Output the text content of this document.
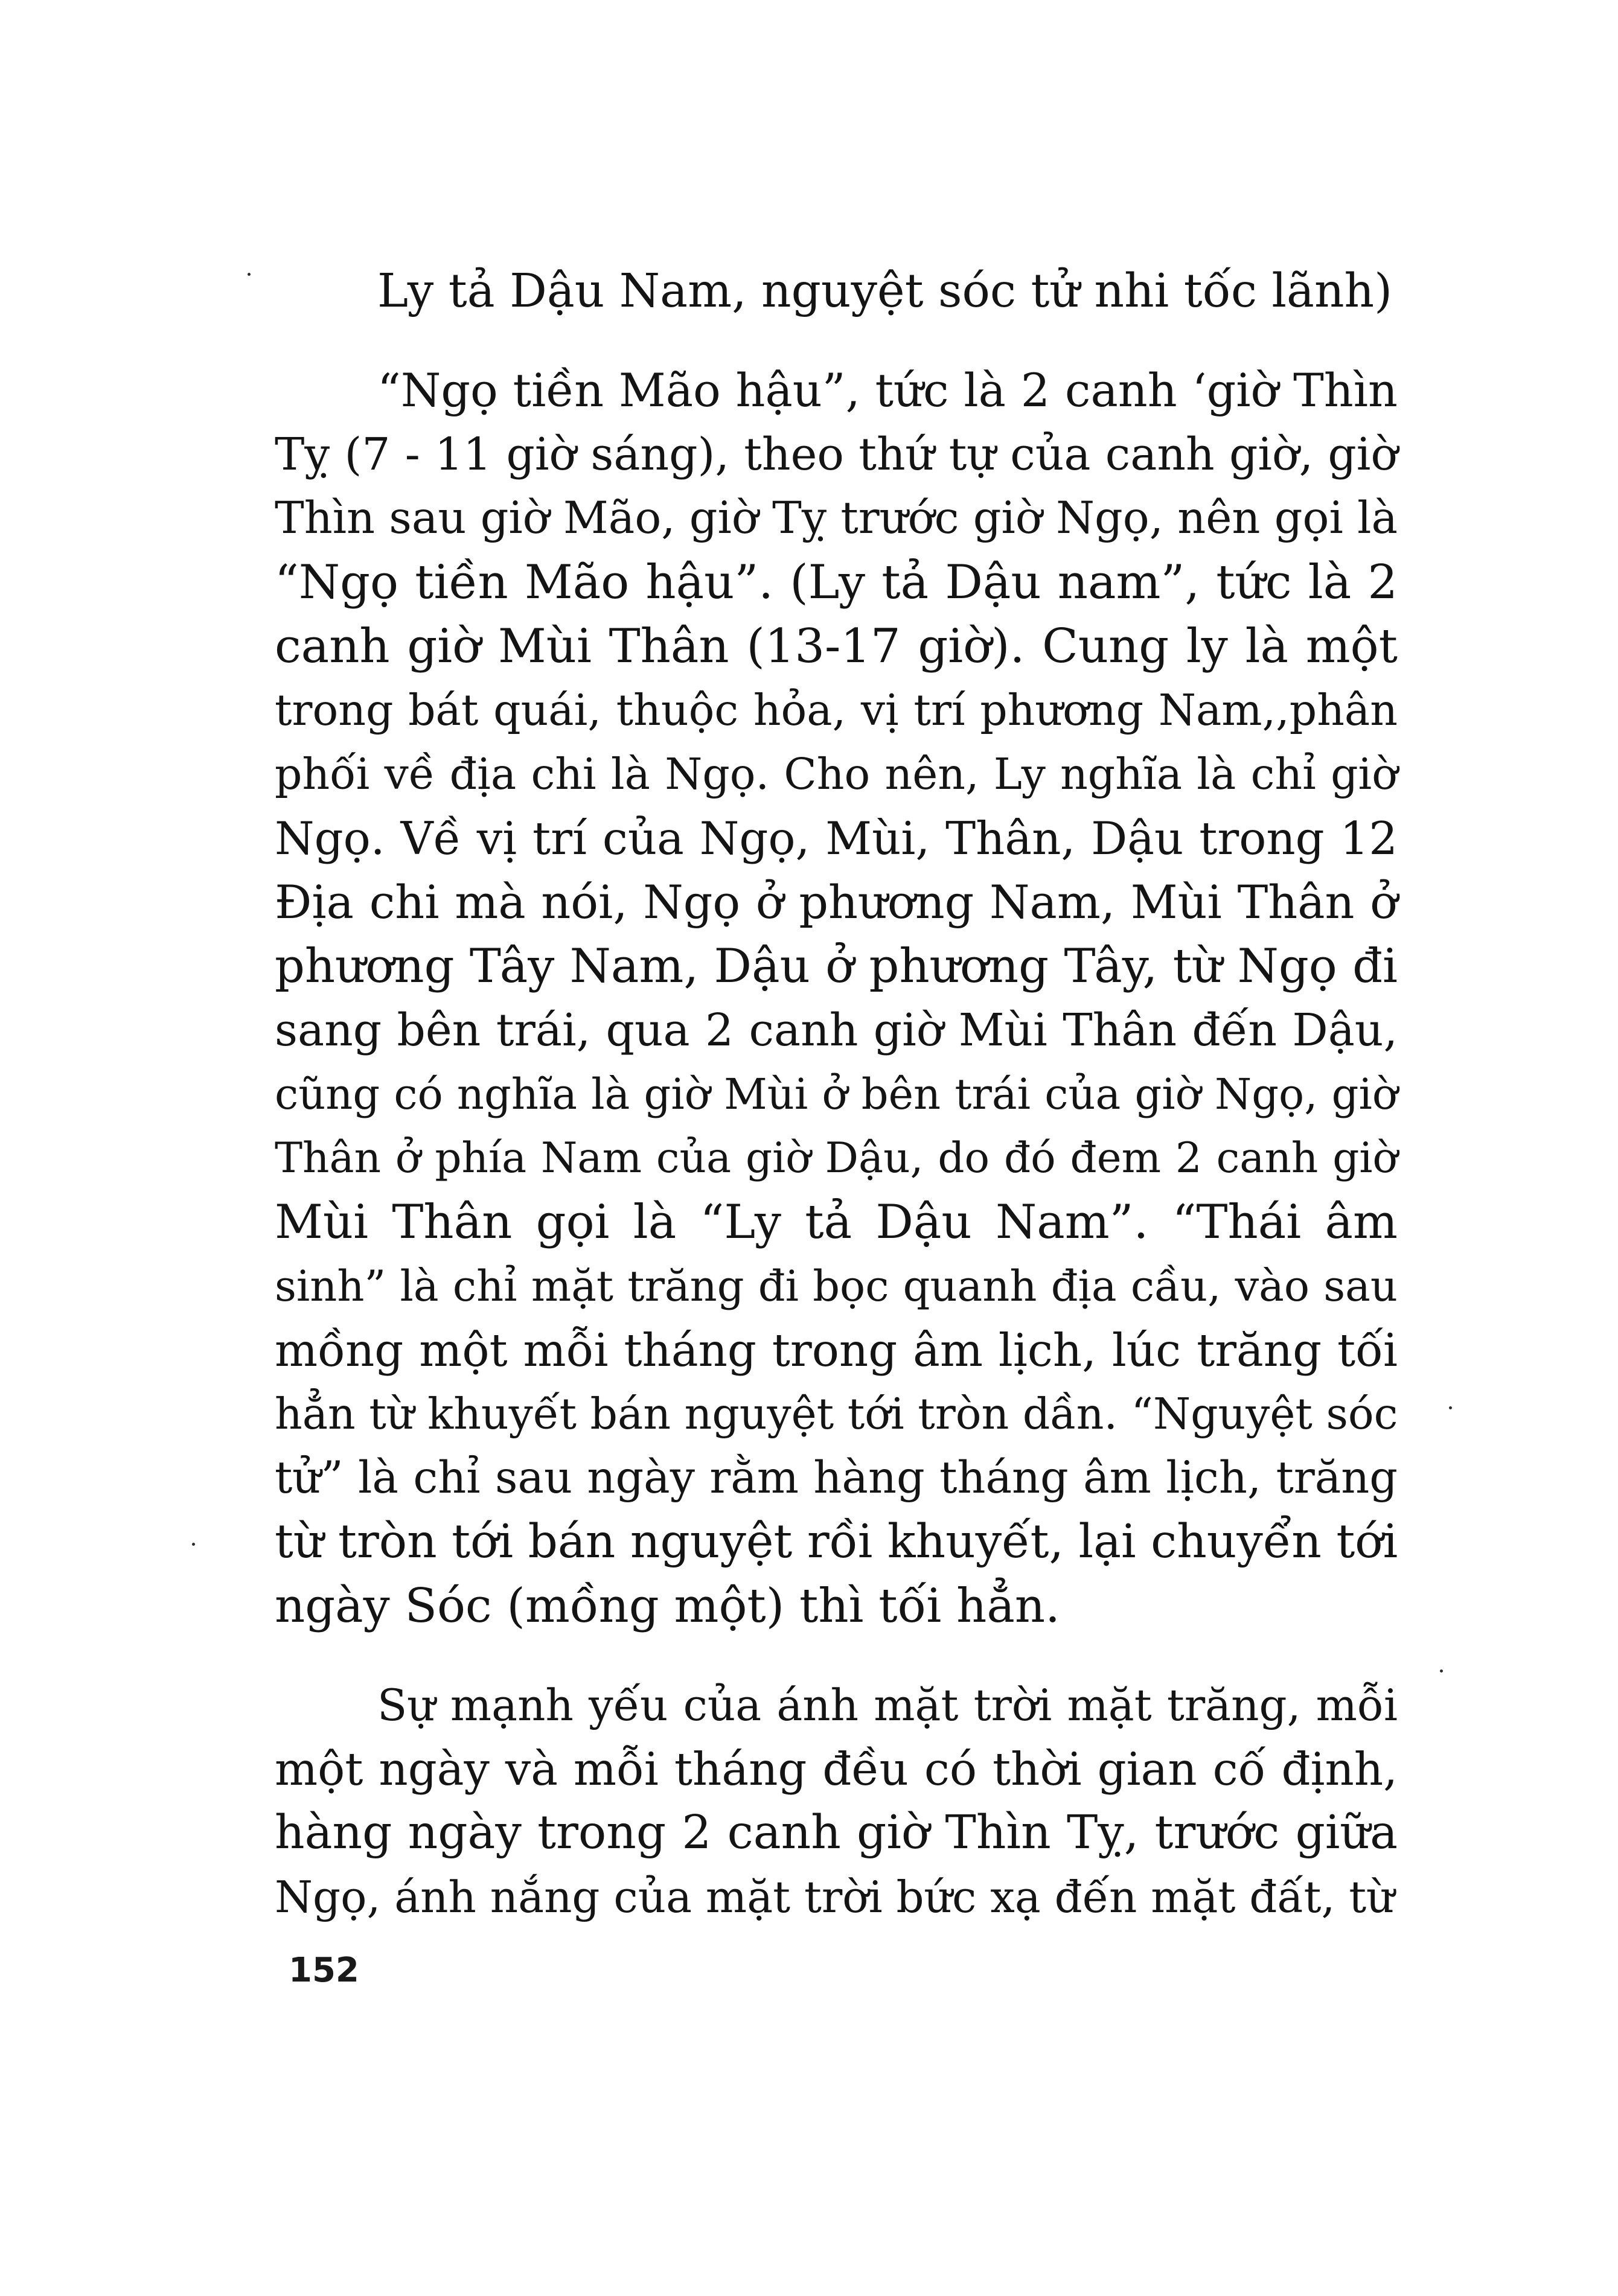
Ly tả Dậu Nam, nguyệt sóc tử nhi tốc lãnh)
“Ngọ tiền Mão hậu”, tức là 2 canh ‘giờ Thìn
Tỵ (7 - 11 giờ sáng), theo thứ tự của canh giờ, giờ
Thìn sau giờ Mão, giờ Tỵ trước giờ Ngọ, nên gọi là
“Ngọ tiền Mão hậu”. (Ly tả Dậu nam”, tức là 2
canh giờ Mùi Thân (13-17 giờ). Cung ly là một
trong bát quái, thuộc hỏa, vị trí phương Nam,,phân
phối về địa chi là Ngọ. Cho nên, Ly nghĩa là chỉ giờ
Ngọ. Về vị trí của Ngọ, Mùi, Thân, Dậu trong 12
Địa chi mà nói, Ngọ ở phương Nam, Mùi Thân ở
phương Tây Nam, Dậu ở phương Tây, từ Ngọ đi
sang bên trái, qua 2 canh giờ Mùi Thân đến Dậu,
cũng có nghĩa là giờ Mùi ở bên trái của giờ Ngọ, giờ
Thân ở phía Nam của giờ Dậu, do đó đem 2 canh giờ
Mùi Thân gọi là “Ly tả Dậu Nam”. “Thái âm
sinh” là chỉ mặt trăng đi bọc quanh địa cầu, vào sau
mồng một mỗi tháng trong âm lịch, lúc trăng tối
hẳn từ khuyết bán nguyệt tới tròn dần. “Nguyệt sóc
tử” là chỉ sau ngày rằm hàng tháng âm lịch, trăng
từ tròn tới bán nguyệt rồi khuyết, lại chuyển tới
ngày Sóc (mồng một) thì tối hẳn.
Sự mạnh yếu của ánh mặt trời mặt trăng, mỗi
một ngày và mỗi tháng đều có thời gian cố định,
hàng ngày trong 2 canh giờ Thìn Tỵ, trước giữa
Ngọ, ánh nắng của mặt trời bức xạ đến mặt đất, từ
152
